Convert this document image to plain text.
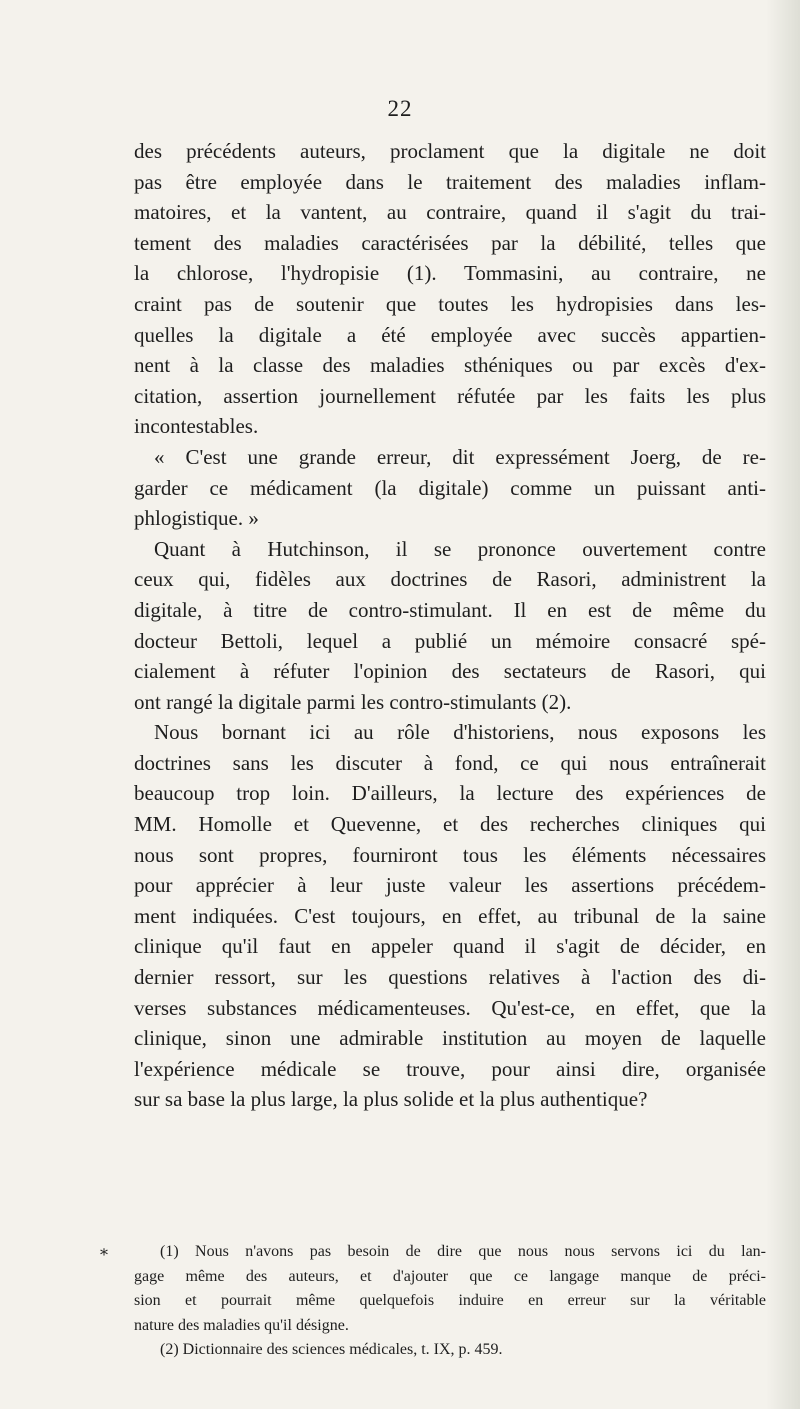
22
des précédents auteurs, proclament que la digitale ne doit
pas être employée dans le traitement des maladies inflam-
matoires, et la vantent, au contraire, quand il s'agit du trai-
tement des maladies caractérisées par la débilité, telles que
la chlorose, l'hydropisie (1). Tommasini, au contraire, ne
craint pas de soutenir que toutes les hydropisies dans les-
quelles la digitale a été employée avec succès appartien-
nent à la classe des maladies sthéniques ou par excès d'ex-
citation, assertion journellement réfutée par les faits les plus
incontestables.
« C'est une grande erreur, dit expressément Joerg, de re-
garder ce médicament (la digitale) comme un puissant anti-
phlogistique. »
Quant à Hutchinson, il se prononce ouvertement contre
ceux qui, fidèles aux doctrines de Rasori, administrent la
digitale, à titre de contro-stimulant. Il en est de même du
docteur Bettoli, lequel a publié un mémoire consacré spé-
cialement à réfuter l'opinion des sectateurs de Rasori, qui
ont rangé la digitale parmi les contro-stimulants (2).
Nous bornant ici au rôle d'historiens, nous exposons les
doctrines sans les discuter à fond, ce qui nous entraînerait
beaucoup trop loin. D'ailleurs, la lecture des expériences de
MM. Homolle et Quevenne, et des recherches cliniques qui
nous sont propres, fourniront tous les éléments nécessaires
pour apprécier à leur juste valeur les assertions précédem-
ment indiquées. C'est toujours, en effet, au tribunal de la saine
clinique qu'il faut en appeler quand il s'agit de décider, en
dernier ressort, sur les questions relatives à l'action des di-
verses substances médicamenteuses. Qu'est-ce, en effet, que la
clinique, sinon une admirable institution au moyen de laquelle
l'expérience médicale se trouve, pour ainsi dire, organisée
sur sa base la plus large, la plus solide et la plus authentique?
⁎	(1) Nous n'avons pas besoin de dire que nous nous servons ici du lan-
gage même des auteurs, et d'ajouter que ce langage manque de préci-
sion et pourrait même quelquefois induire en erreur sur la véritable
nature des maladies qu'il désigne.
(2) Dictionnaire des sciences médicales, t. IX, p. 459.
